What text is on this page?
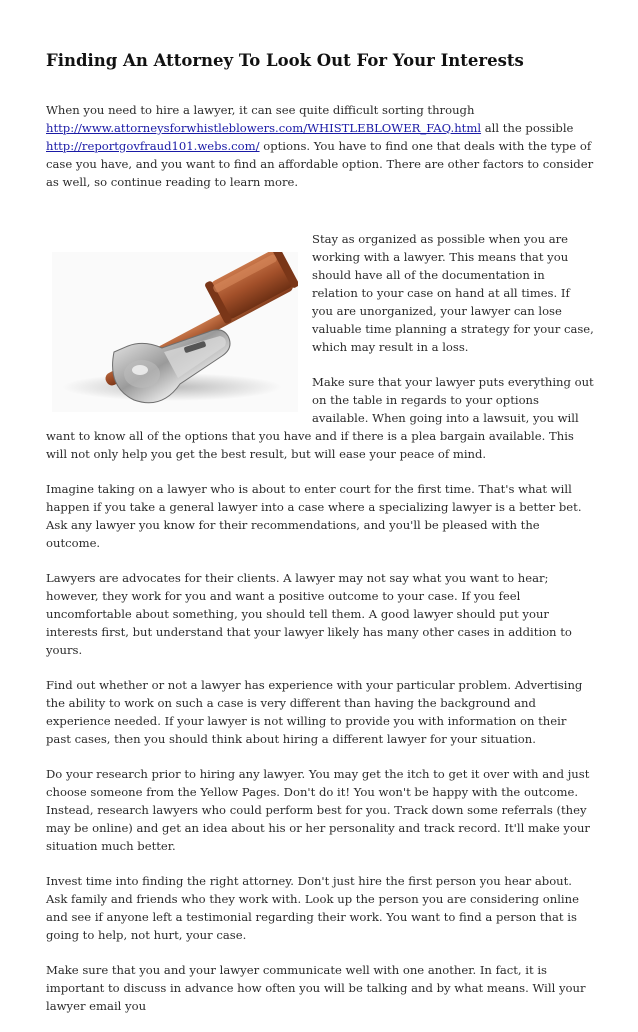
Finding An Attorney To Look Out For Your Interests

When you need to hire a lawyer, it can see quite difficult sorting through http://www.attorneysforwhistleblowers.com/WHISTLEBLOWER_FAQ.html all the possible http://reportgovfraud101.webs.com/ options. You have to find one that deals with the type of case you have, and you want to find an affordable option. There are other factors to consider as well, so continue reading to learn more.

Stay as organized as possible when you are working with a lawyer. This means that you should have all of the documentation in relation to your case on hand at all times. If you are unorganized, your lawyer can lose valuable time planning a strategy for your case, which may result in a loss.

Make sure that your lawyer puts everything out on the table in regards to your options available. When going into a lawsuit, you will want to know all of the options that you have and if there is a plea bargain available. This will not only help you get the best result, but will ease your peace of mind.

Imagine taking on a lawyer who is about to enter court for the first time. That's what will happen if you take a general lawyer into a case where a specializing lawyer is a better bet. Ask any lawyer you know for their recommendations, and you'll be pleased with the outcome.

Lawyers are advocates for their clients. A lawyer may not say what you want to hear; however, they work for you and want a positive outcome to your case. If you feel uncomfortable about something, you should tell them. A good lawyer should put your interests first, but understand that your lawyer likely has many other cases in addition to yours.

Find out whether or not a lawyer has experience with your particular problem. Advertising the ability to work on such a case is very different than having the background and experience needed. If your lawyer is not willing to provide you with information on their past cases, then you should think about hiring a different lawyer for your situation.

Do your research prior to hiring any lawyer. You may get the itch to get it over with and just choose someone from the Yellow Pages. Don't do it! You won't be happy with the outcome. Instead, research lawyers who could perform best for you. Track down some referrals (they may be online) and get an idea about his or her personality and track record. It'll make your situation much better.

Invest time into finding the right attorney. Don't just hire the first person you hear about. Ask family and friends who they work with. Look up the person you are considering online and see if anyone left a testimonial regarding their work. You want to find a person that is going to help, not hurt, your case.

Make sure that you and your lawyer communicate well with one another. In fact, it is important to discuss in advance how often you will be talking and by what means. Will your lawyer email you
